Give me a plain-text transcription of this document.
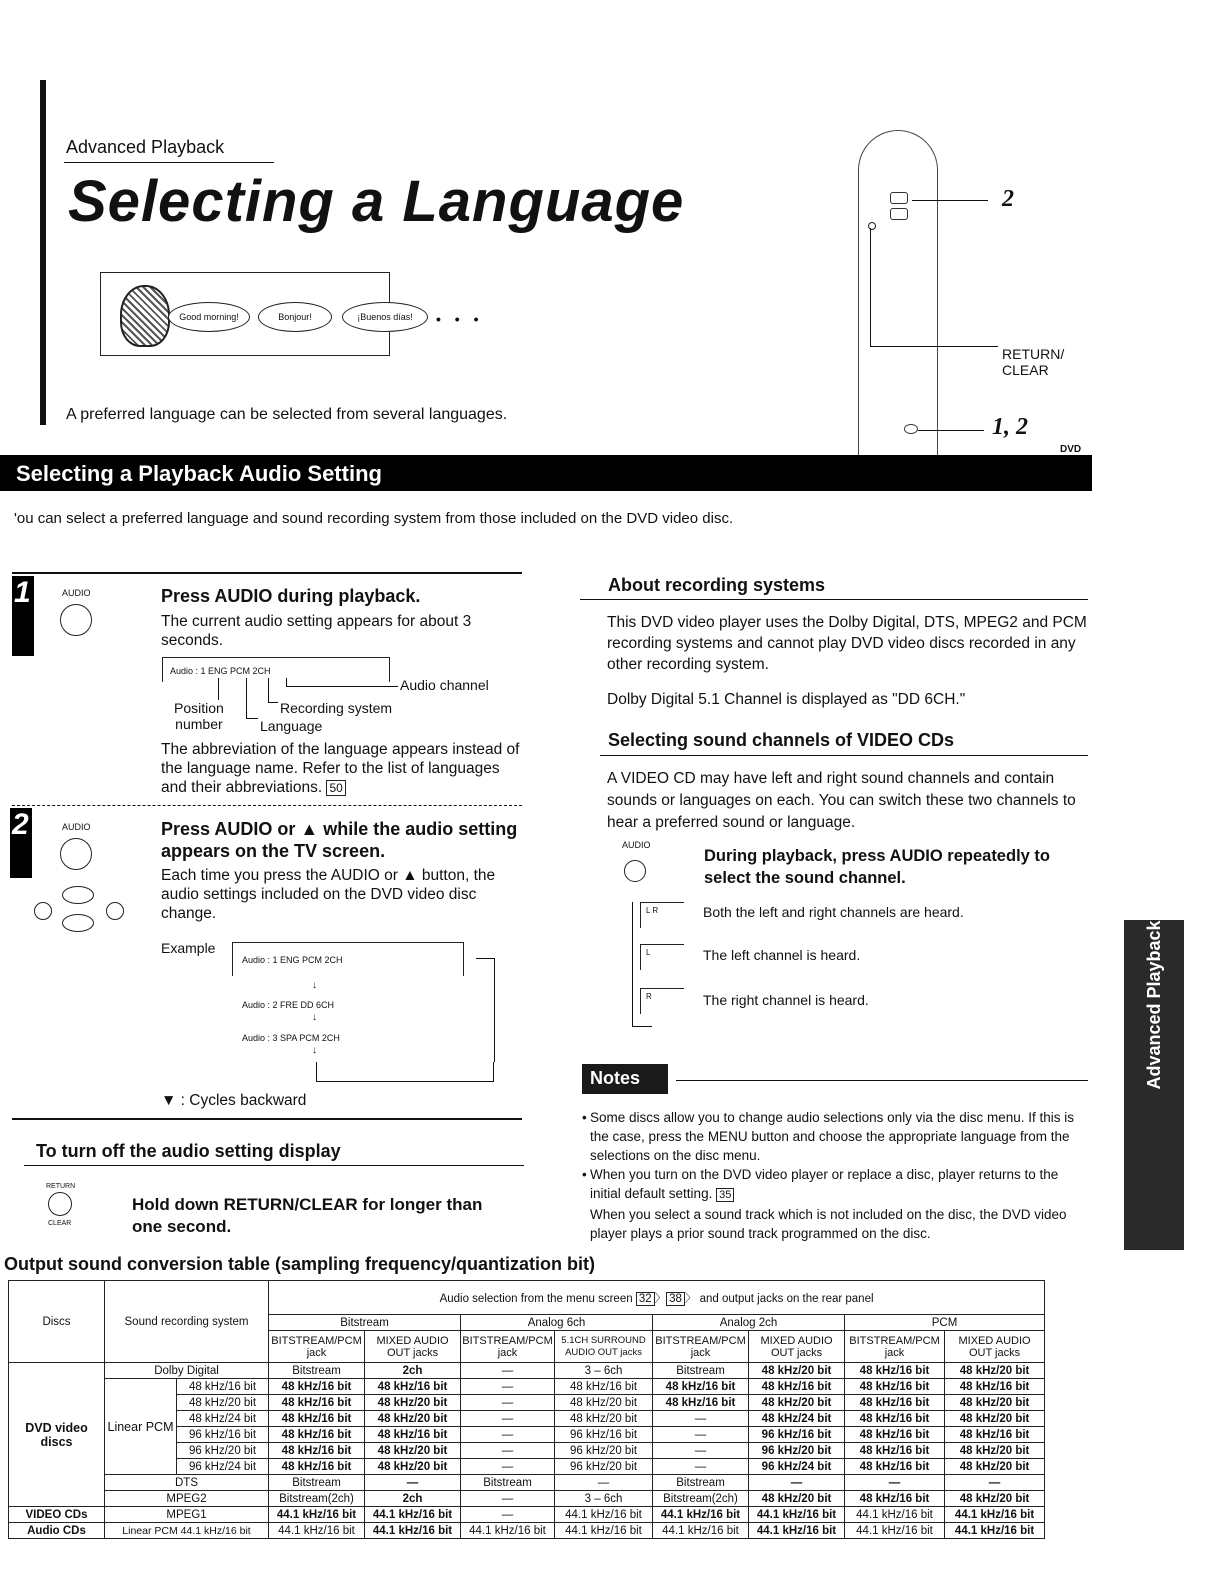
Advanced Playback
Selecting a Language
Good morning!	Bonjour!	¡Buenos días!	• • •
A preferred language can be selected from several languages.
2
RETURN/
CLEAR
1, 2
DVD
Selecting a Playback Audio Setting
'ou can select a preferred language and sound recording system from those included on the DVD video disc.
1	AUDIO	Press AUDIO during playback.
The current audio setting appears for about 3 seconds.
Audio : 1 ENG PCM 2CH
Audio channel
Recording system
Position
number	Language
The abbreviation of the language appears instead of the language name. Refer to the list of languages and their abbreviations. 50
2	AUDIO	Press AUDIO or ▲ while the audio setting appears on the TV screen.
Each time you press the AUDIO or ▲ button, the audio settings included on the DVD video disc change.
Example
Audio : 1 ENG PCM 2CH
↓
Audio : 2 FRE DD 6CH
↓
Audio : 3 SPA PCM 2CH
↓
▼ : Cycles backward
To turn off the audio setting display
RETURN
CLEAR
Hold down RETURN/CLEAR for longer than one second.
About recording systems
This DVD video player uses the Dolby Digital, DTS, MPEG2 and PCM recording systems and cannot play DVD video discs recorded in any other recording system.
Dolby Digital 5.1 Channel is displayed as "DD 6CH."
Selecting sound channels of VIDEO CDs
A VIDEO CD may have left and right sound channels and contain sounds or languages on each. You can switch these two channels to hear a preferred sound or language.
AUDIO
During playback, press AUDIO repeatedly to select the sound channel.
L R	Both the left and right channels are heard.
L	The left channel is heard.
R	The right channel is heard.
Notes
• Some discs allow you to change audio selections only via the disc menu. If this is the case, press the MENU button and choose the appropriate language from the selections on the disc menu.
• When you turn on the DVD video player or replace a disc, player returns to the initial default setting. 35
When you select a sound track which is not included on the disc, the DVD video player plays a prior sound track programmed on the disc.
Advanced Playback
Output sound conversion table (sampling frequency/quantization bit)
Discs	Sound recording system		Audio selection from the menu screen 32 〉 38 〉 and output jacks on the rear panel							
			Bitstream		Analog 6ch		Analog 2ch		PCM	
			BITSTREAM/PCM jack	MIXED AUDIO OUT jacks	BITSTREAM/PCM jack	5.1CH SURROUND AUDIO OUT jacks	BITSTREAM/PCM jack	MIXED AUDIO OUT jacks	BITSTREAM/PCM jack	MIXED AUDIO OUT jacks
DVD video discs	Dolby Digital		Bitstream	2ch	—	3 – 6ch	Bitstream	48 kHz/20 bit	48 kHz/16 bit	48 kHz/20 bit
	Linear PCM	48 kHz/16 bit	48 kHz/16 bit	48 kHz/16 bit	—	48 kHz/16 bit	48 kHz/16 bit	48 kHz/16 bit	48 kHz/16 bit	48 kHz/16 bit
		48 kHz/20 bit	48 kHz/16 bit	48 kHz/20 bit	—	48 kHz/20 bit	48 kHz/16 bit	48 kHz/20 bit	48 kHz/16 bit	48 kHz/20 bit
		48 kHz/24 bit	48 kHz/16 bit	48 kHz/20 bit	—	48 kHz/20 bit	—	48 kHz/24 bit	48 kHz/16 bit	48 kHz/20 bit
		96 kHz/16 bit	48 kHz/16 bit	48 kHz/16 bit	—	96 kHz/16 bit	—	96 kHz/16 bit	48 kHz/16 bit	48 kHz/16 bit
		96 kHz/20 bit	48 kHz/16 bit	48 kHz/20 bit	—	96 kHz/20 bit	—	96 kHz/20 bit	48 kHz/16 bit	48 kHz/20 bit
		96 kHz/24 bit	48 kHz/16 bit	48 kHz/20 bit	—	96 kHz/20 bit	—	96 kHz/24 bit	48 kHz/16 bit	48 kHz/20 bit
	DTS		Bitstream	—	Bitstream	—	Bitstream	—	—	—
	MPEG2		Bitstream(2ch)	2ch	—	3 – 6ch	Bitstream(2ch)	48 kHz/20 bit	48 kHz/16 bit	48 kHz/20 bit
VIDEO CDs	MPEG1		44.1 kHz/16 bit	44.1 kHz/16 bit	—	44.1 kHz/16 bit	44.1 kHz/16 bit	44.1 kHz/16 bit	44.1 kHz/16 bit	44.1 kHz/16 bit
Audio CDs	Linear PCM 44.1 kHz/16 bit		44.1 kHz/16 bit	44.1 kHz/16 bit	44.1 kHz/16 bit	44.1 kHz/16 bit	44.1 kHz/16 bit	44.1 kHz/16 bit	44.1 kHz/16 bit	44.1 kHz/16 bit
